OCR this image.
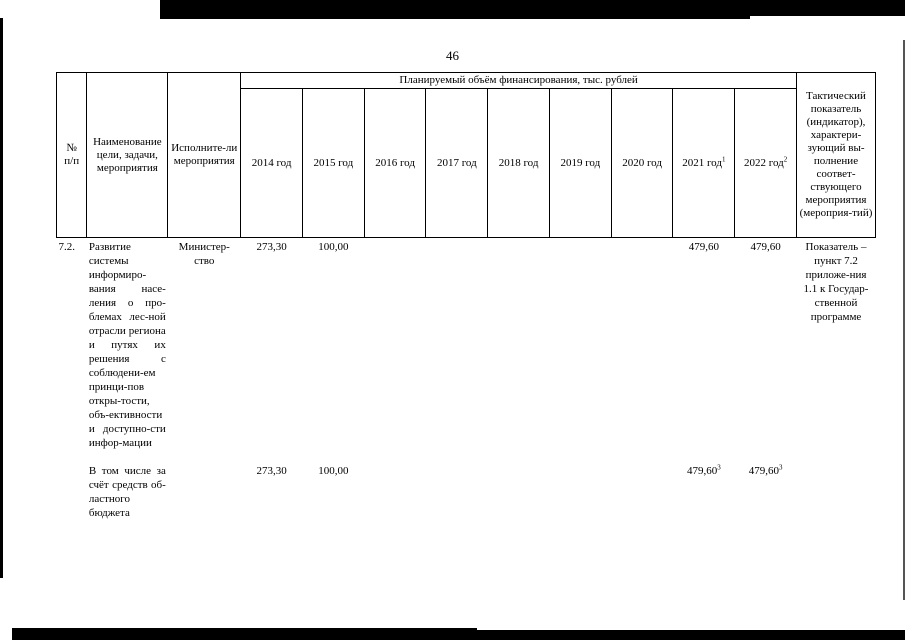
46
№
п/п	Наименование цели, задачи, мероприятия	Исполните-ли мероприятия	Планируемый объём финансирования, тыс. рублей									Тактический показатель (индикатор), характери-зующий вы-полнение соответ-ствующего мероприятия (мероприя-тий)
			2014 год	2015 год	2016 год	2017 год	2018 год	2019 год	2020 год	2021 год$^1$	2022 год$^2$
7.2.	Развитие системы информиро-вания насе-ления о про-блемах лес-ной отрасли региона и путях их решения с соблюдени-ем принци-пов откры-тости, объ-ективности и доступно-сти инфор-мации	Министер-ство	273,30	100,00						479,60	479,60	Показатель – пункт 7.2 приложе-ния 1.1 к Государ-ственной программе

	В том числе за счёт средств об-ластного бюджета		273,30	100,00						479,60$^3$	479,60$^3$	
